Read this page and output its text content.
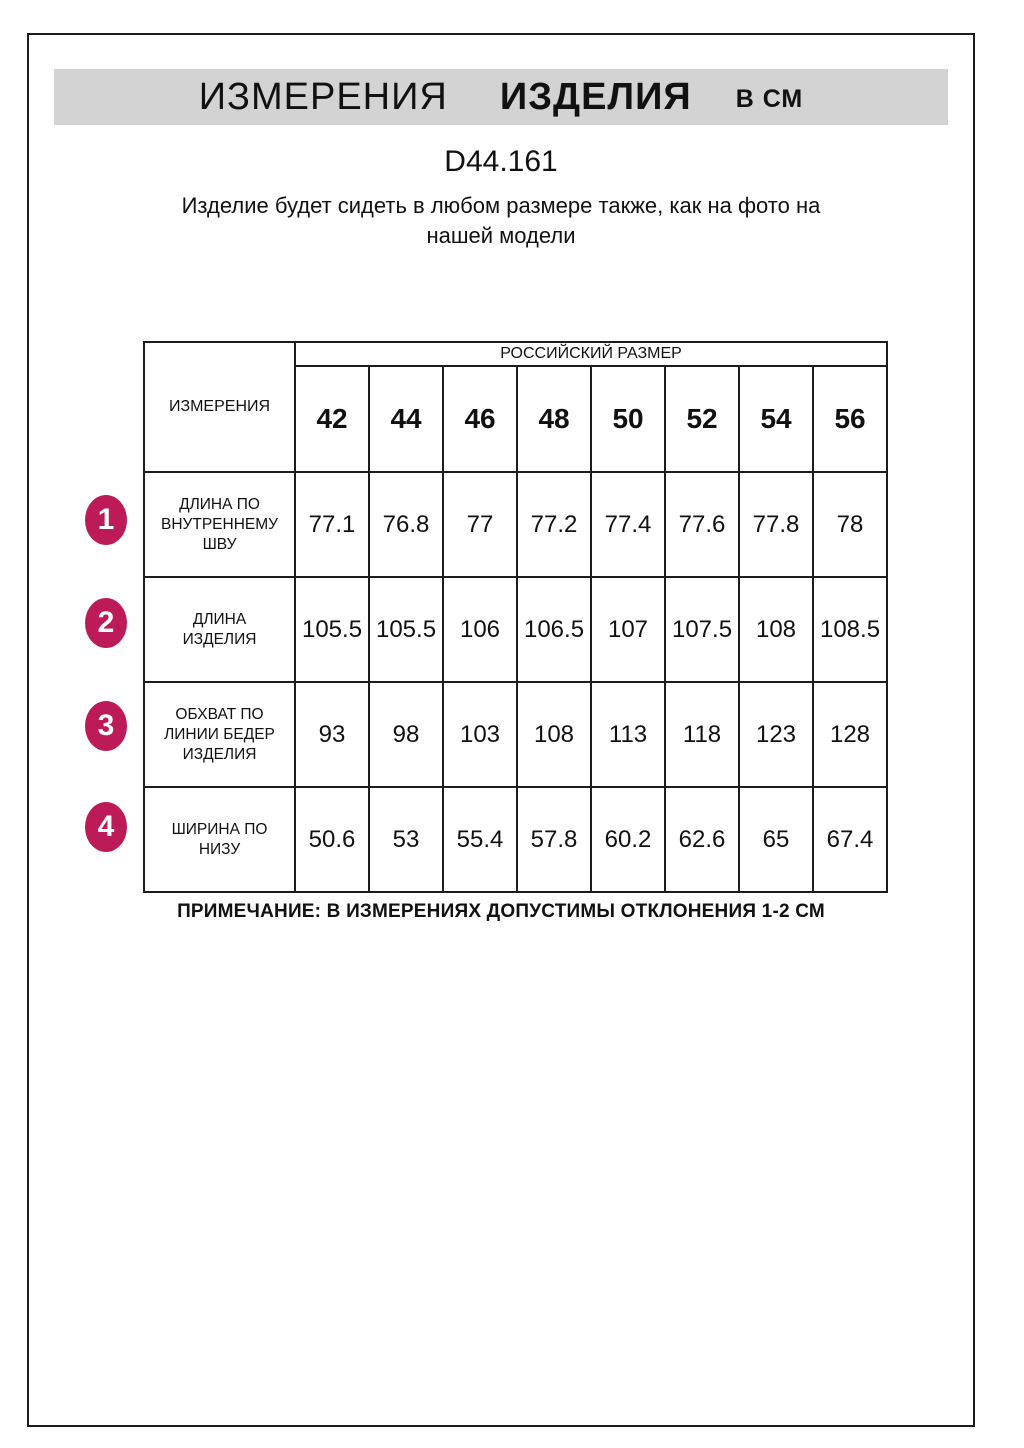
ИЗМЕРЕНИЯ ИЗДЕЛИЯ В СМ
D44.161
Изделие будет сидеть в любом размере также, как на фото на
нашей модели
ИЗМЕРЕНИЯ	РОССИЙСКИЙ РАЗМЕР							
	42	44	46	48	50	52	54	56
ДЛИНА ПО ВНУТРЕННЕМУ ШВУ	77.1	76.8	77	77.2	77.4	77.6	77.8	78
ДЛИНА ИЗДЕЛИЯ	105.5	105.5	106	106.5	107	107.5	108	108.5
ОБХВАТ ПО ЛИНИИ БЕДЕР ИЗДЕЛИЯ	93	98	103	108	113	118	123	128
ШИРИНА ПО НИЗУ	50.6	53	55.4	57.8	60.2	62.6	65	67.4
1
2
3
4
ПРИМЕЧАНИЕ: В ИЗМЕРЕНИЯХ ДОПУСТИМЫ ОТКЛОНЕНИЯ 1-2 СМ
